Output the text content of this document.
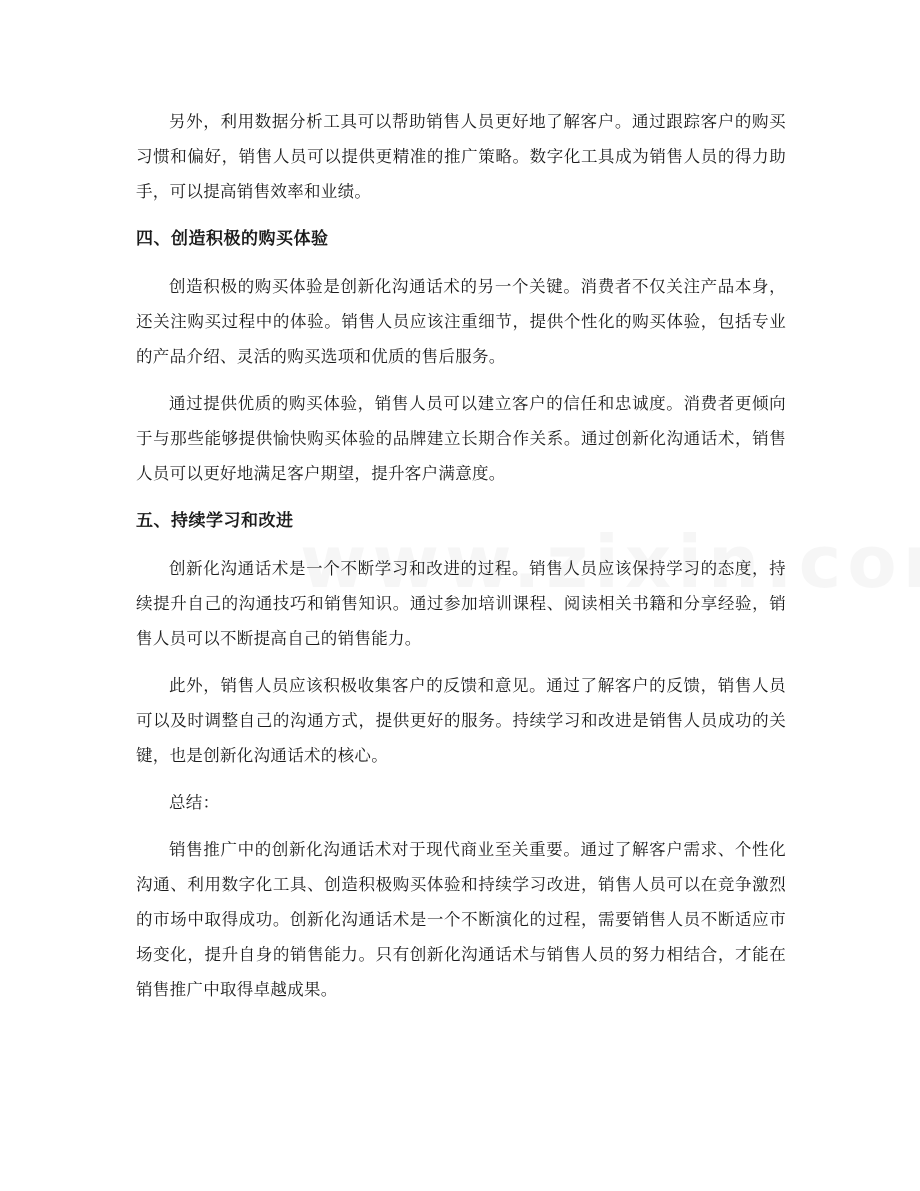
另外，利用数据分析工具可以帮助销售人员更好地了解客户。通过跟踪客户的购买习惯和偏好，销售人员可以提供更精准的推广策略。数字化工具成为销售人员的得力助手，可以提高销售效率和业绩。

四、创造积极的购买体验

创造积极的购买体验是创新化沟通话术的另一个关键。消费者不仅关注产品本身，还关注购买过程中的体验。销售人员应该注重细节，提供个性化的购买体验，包括专业的产品介绍、灵活的购买选项和优质的售后服务。

通过提供优质的购买体验，销售人员可以建立客户的信任和忠诚度。消费者更倾向于与那些能够提供愉快购买体验的品牌建立长期合作关系。通过创新化沟通话术，销售人员可以更好地满足客户期望，提升客户满意度。

五、持续学习和改进

创新化沟通话术是一个不断学习和改进的过程。销售人员应该保持学习的态度，持续提升自己的沟通技巧和销售知识。通过参加培训课程、阅读相关书籍和分享经验，销售人员可以不断提高自己的销售能力。

此外，销售人员应该积极收集客户的反馈和意见。通过了解客户的反馈，销售人员可以及时调整自己的沟通方式，提供更好的服务。持续学习和改进是销售人员成功的关键，也是创新化沟通话术的核心。

总结：

销售推广中的创新化沟通话术对于现代商业至关重要。通过了解客户需求、个性化沟通、利用数字化工具、创造积极购买体验和持续学习改进，销售人员可以在竞争激烈的市场中取得成功。创新化沟通话术是一个不断演化的过程，需要销售人员不断适应市场变化，提升自身的销售能力。只有创新化沟通话术与销售人员的努力相结合，才能在销售推广中取得卓越成果。
